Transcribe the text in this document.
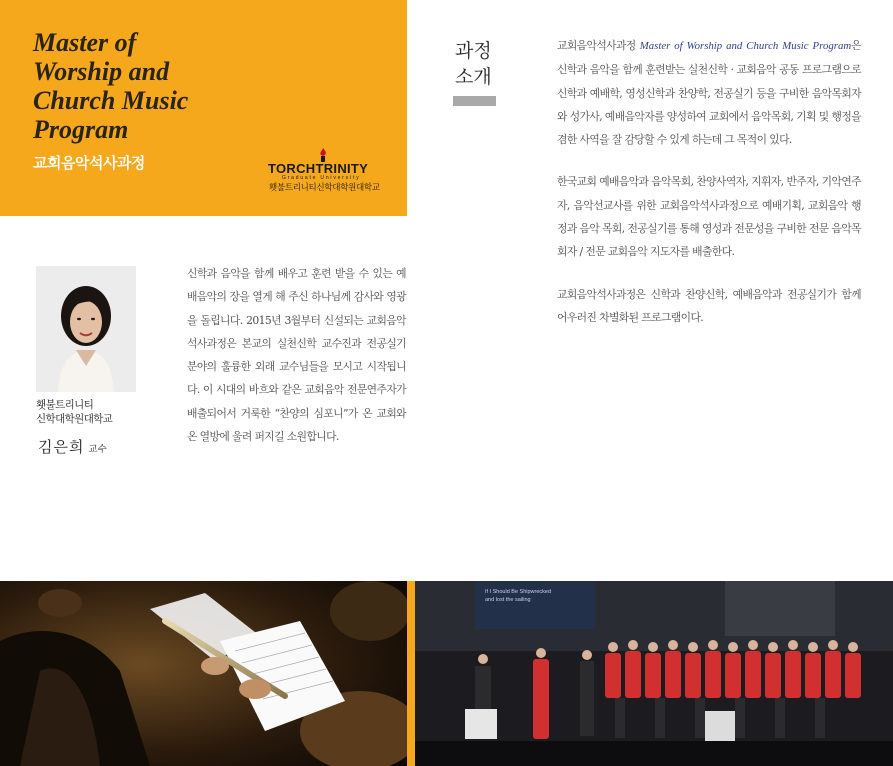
Master of
Worship and
Church Music
Program
교회음악석사과정	TORCHTRINITY
Graduate University
횃불트리니티신학대학원대학교
과정
소개

교회음악석사과정 Master of Worship and Church Music Program은 신학과 음악을 함께 훈련받는 실천신학 · 교회음악 공동 프로그램으로 신학과 예배학, 영성신학과 찬양학, 전공실기 등을 구비한 음악목회자와 성가사, 예배음악자를 양성하여 교회에서 음악목회, 기획 및 행정을 겸한 사역을 잘 감당할 수 있게 하는데 그 목적이 있다.

한국교회 예배음악과 음악목회, 찬양사역자, 지휘자, 반주자, 기악연주자, 음악선교사를 위한 교회음악석사과정으로 예배기획, 교회음악 행정과 음악 목회, 전공실기를 통해 영성과 전문성을 구비한 전문 음악목회자 / 전문 교회음악 지도자를 배출한다.

교회음악석사과정은 신학과 찬양신학, 예배음악과 전공실기가 함께 어우러진 차별화된 프로그램이다.

횃불트리니티
신학대학원대학교
김은희 교수

신학과 음악을 함께 배우고 훈련 받을 수 있는 예배음악의 장을 열게 해 주신 하나님께 감사와 영광을 돌립니다. 2015년 3월부터 신설되는 교회음악석사과정은 본교의 실천신학 교수진과 전공실기 분야의 훌륭한 외래 교수님들을 모시고 시작됩니다. 이 시대의 바흐와 같은 교회음악 전문연주자가 배출되어서 거룩한 “찬양의 심포니”가 온 교회와 온 열방에 울려 퍼지길 소원합니다.

If I Should Be Shipwrecked
and lost the sailing
